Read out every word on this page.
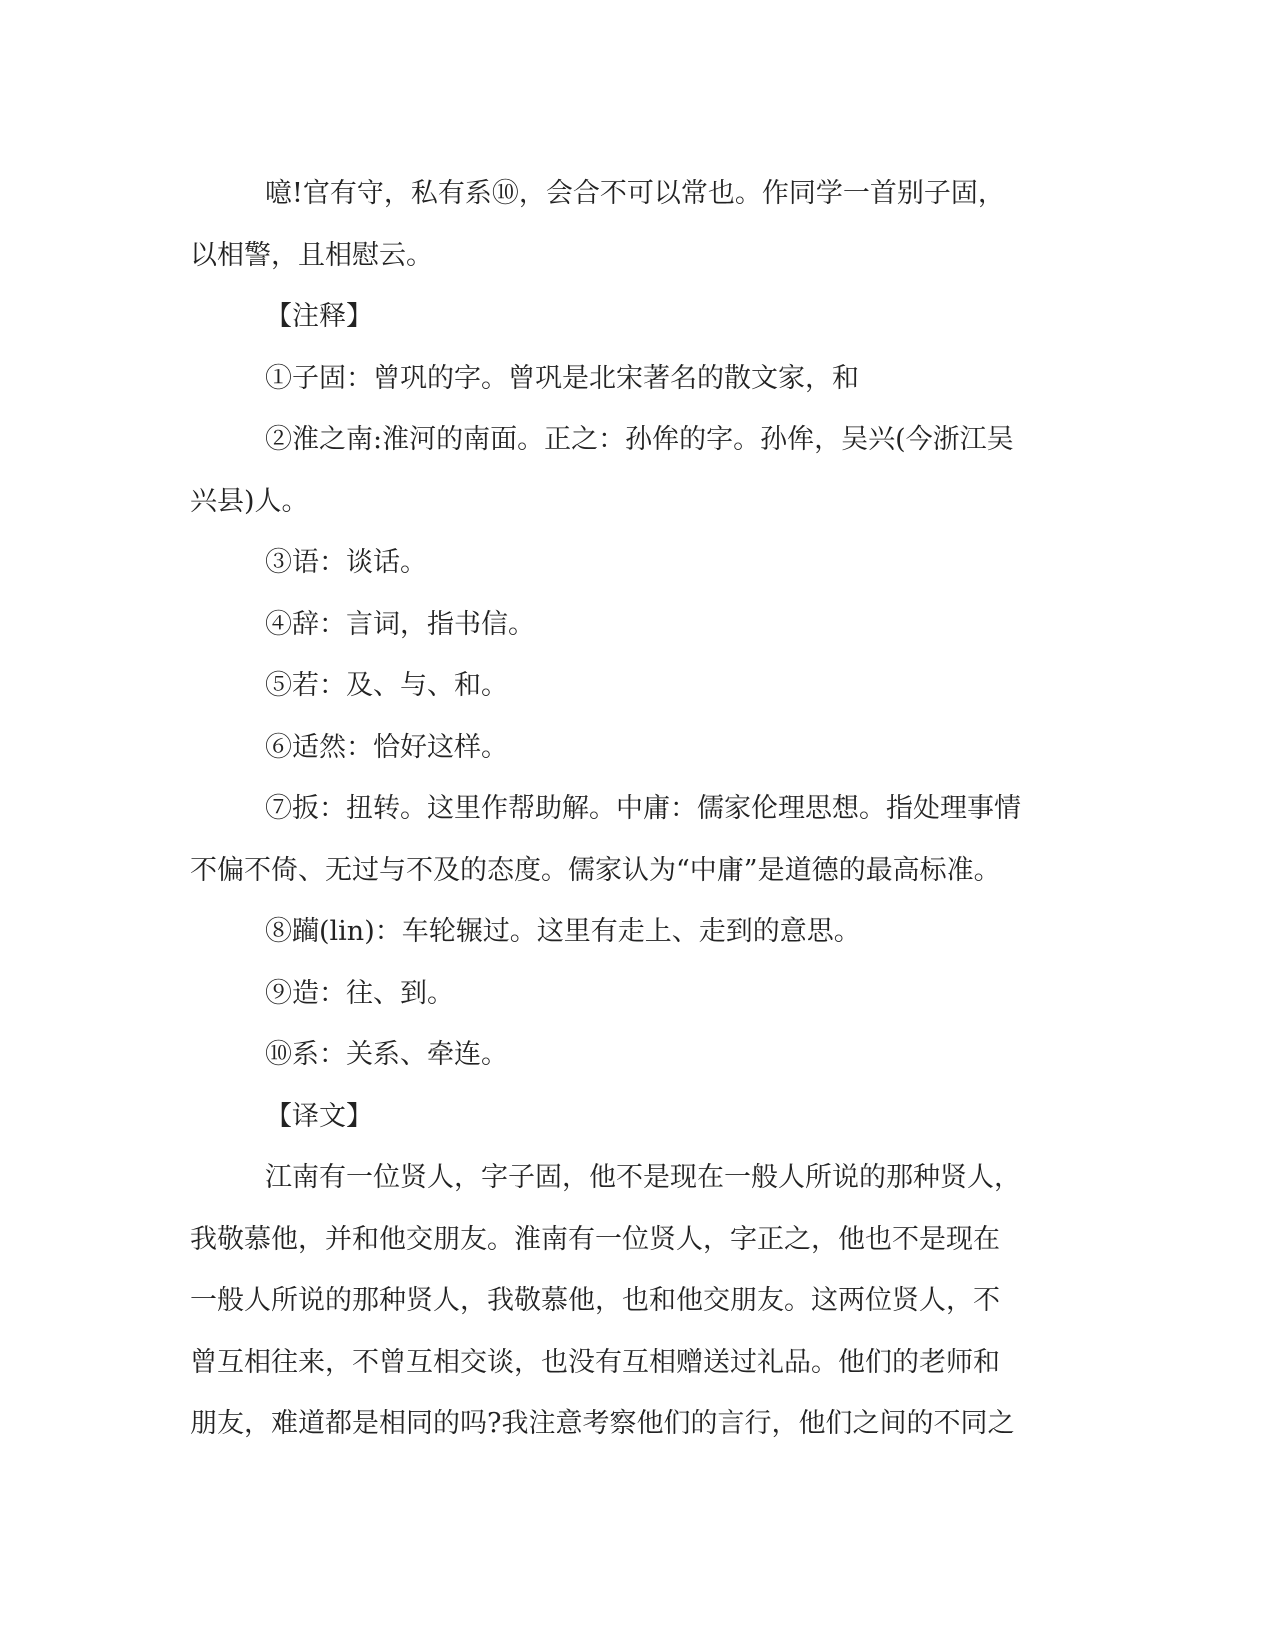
噫!官有守，私有系⑩，会合不可以常也。作同学一首别子固，

以相警，且相慰云。

【注释】

①子固：曾巩的字。曾巩是北宋著名的散文家，和

②淮之南:淮河的南面。正之：孙侔的字。孙侔，吴兴(今浙江吴

兴县)人。

③语：谈话。

④辞：言词，指书信。

⑤若：及、与、和。

⑥适然：恰好这样。

⑦扳：扭转。这里作帮助解。中庸：儒家伦理思想。指处理事情

不偏不倚、无过与不及的态度。儒家认为“中庸”是道德的最高标准。

⑧躏(lin)：车轮辗过。这里有走上、走到的意思。

⑨造：往、到。

⑩系：关系、牵连。

【译文】

江南有一位贤人，字子固，他不是现在一般人所说的那种贤人，

我敬慕他，并和他交朋友。淮南有一位贤人，字正之，他也不是现在

一般人所说的那种贤人，我敬慕他，也和他交朋友。这两位贤人，不

曾互相往来，不曾互相交谈，也没有互相赠送过礼品。他们的老师和

朋友，难道都是相同的吗?我注意考察他们的言行，他们之间的不同之
